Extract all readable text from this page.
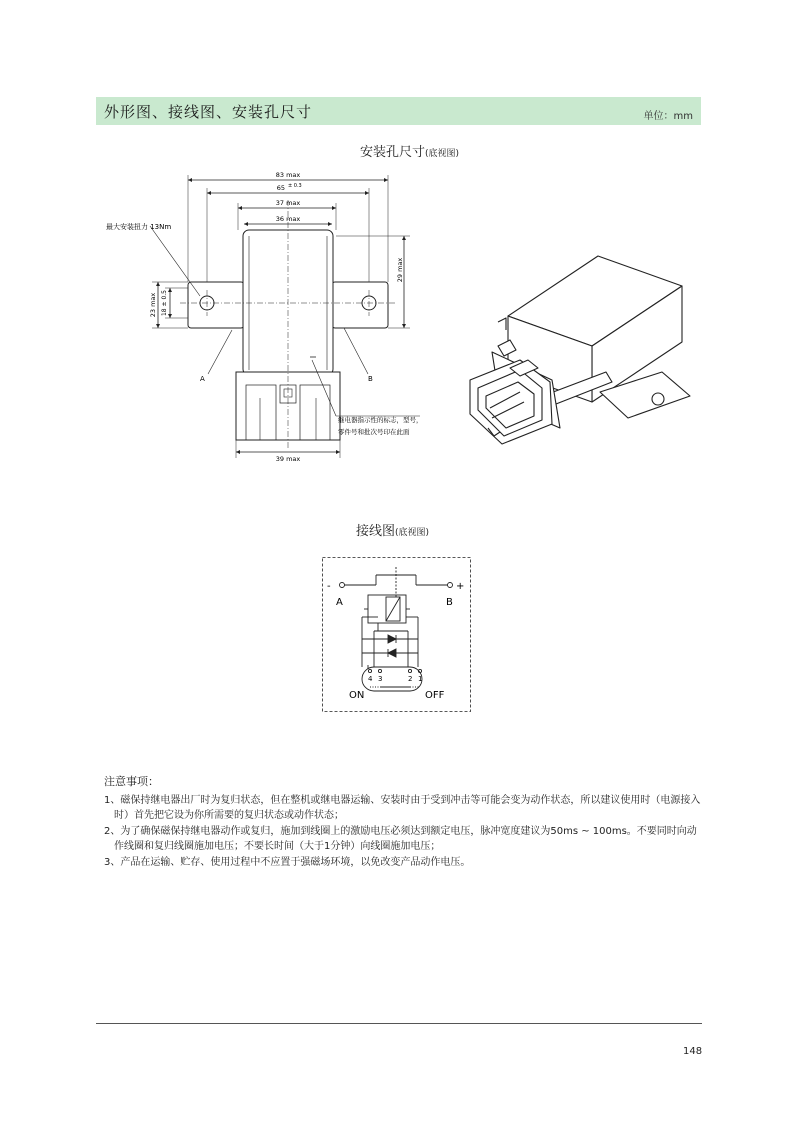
外形图、接线图、安装孔尺寸	单位：mm
安装孔尺寸(底视图)
83 max
65 ± 0.3
37 max
36 max
39 max
29 max
23 max 18 ± 0.5
最大安装扭力 13Nm
A	B
继电器指示性的标志，型号，
零件号和批次号印在此面
接线图(底视图)
-	+
A	B
4 3	2 1
ON	OFF
注意事项：
1、磁保持继电器出厂时为复归状态，但在整机或继电器运输、安装时由于受到冲击等可能会变为动作状态，所以建议使用时（电源接入时）首先把它设为你所需要的复归状态或动作状态；
2、为了确保磁保持继电器动作或复归，施加到线圈上的激励电压必须达到额定电压，脉冲宽度建议为50ms ~ 100ms。不要同时向动作线圈和复归线圈施加电压；不要长时间（大于1分钟）向线圈施加电压；
3、产品在运输、贮存、使用过程中不应置于强磁场环境，以免改变产品动作电压。
148
